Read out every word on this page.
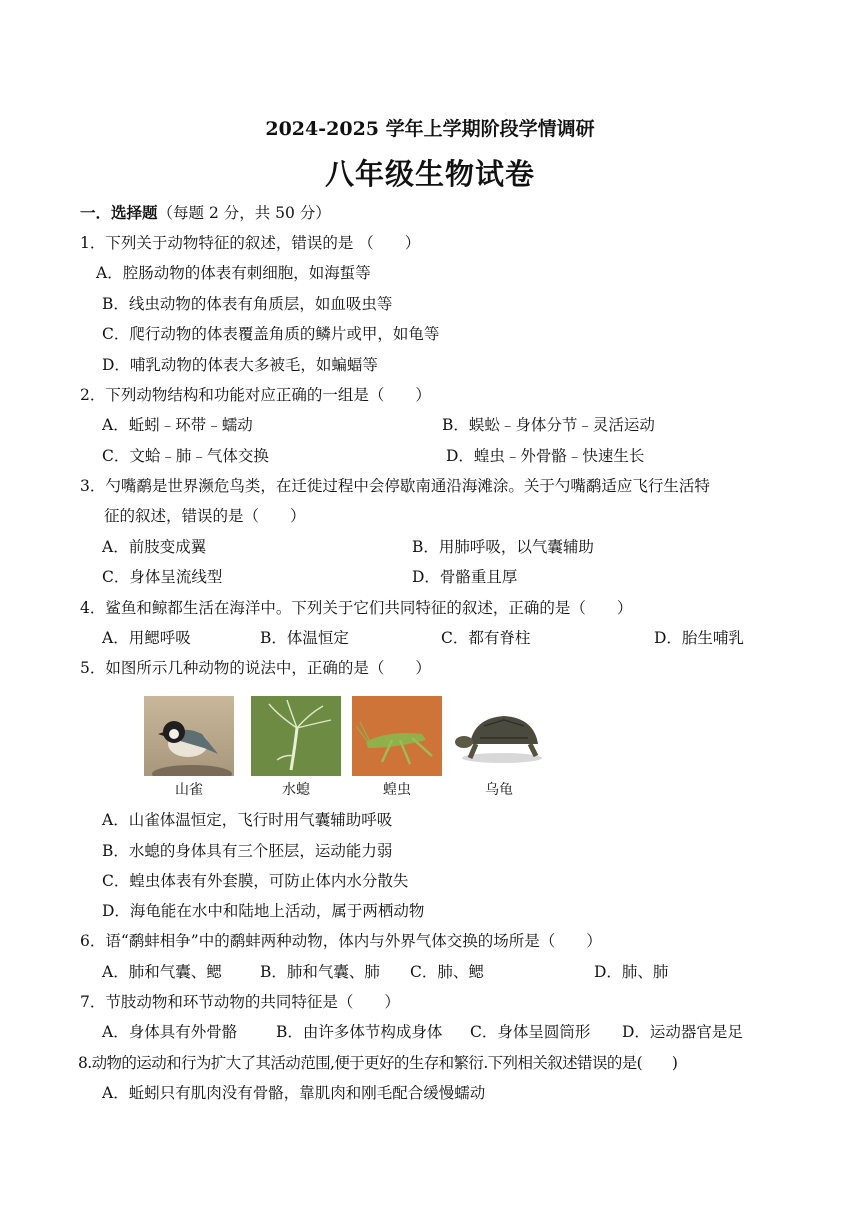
2024-2025 学年上学期阶段学情调研
八年级生物试卷
一．选择题（每题 2 分，共 50 分）
1．下列关于动物特征的叙述，错误的是 （　　）
A．腔肠动物的体表有刺细胞，如海蜇等
B．线虫动物的体表有角质层，如血吸虫等
C．爬行动物的体表覆盖角质的鳞片或甲，如龟等
D．哺乳动物的体表大多被毛，如蝙蝠等
2．下列动物结构和功能对应正确的一组是（　　）
A．蚯蚓﹣环带﹣蠕动	B．蜈蚣﹣身体分节﹣灵活运动
C．文蛤﹣肺﹣气体交换	D．蝗虫﹣外骨骼﹣快速生长
3．勺嘴鹬是世界濒危鸟类，在迁徙过程中会停歇南通沿海滩涂。关于勺嘴鹬适应飞行生活特
征的叙述，错误的是（　　）
A．前肢变成翼	B．用肺呼吸，以气囊辅助
C．身体呈流线型	D．骨骼重且厚
4．鲨鱼和鲸都生活在海洋中。下列关于它们共同特征的叙述，正确的是（　　）
A．用鳃呼吸	B．体温恒定	C．都有脊柱	D．胎生哺乳
5．如图所示几种动物的说法中，正确的是（　　）
山雀	水螅	蝗虫	乌龟
A．山雀体温恒定，飞行时用气囊辅助呼吸
B．水螅的身体具有三个胚层，运动能力弱
C．蝗虫体表有外套膜，可防止体内水分散失
D．海龟能在水中和陆地上活动，属于两栖动物
6．语“鹬蚌相争”中的鹬蚌两种动物，体内与外界气体交换的场所是（　　）
A．肺和气囊、鳃 B．肺和气囊、肺 C．肺、鳃	D．肺、肺
7．节肢动物和环节动物的共同特征是（　　）
A．身体具有外骨骼	B．由许多体节构成身体 C．身体呈圆筒形 D．运动器官是足
8.动物的运动和行为扩大了其活动范围,便于更好的生存和繁衍.下列相关叙述错误的是(　　)
A．蚯蚓只有肌肉没有骨骼，靠肌肉和刚毛配合缓慢蠕动
